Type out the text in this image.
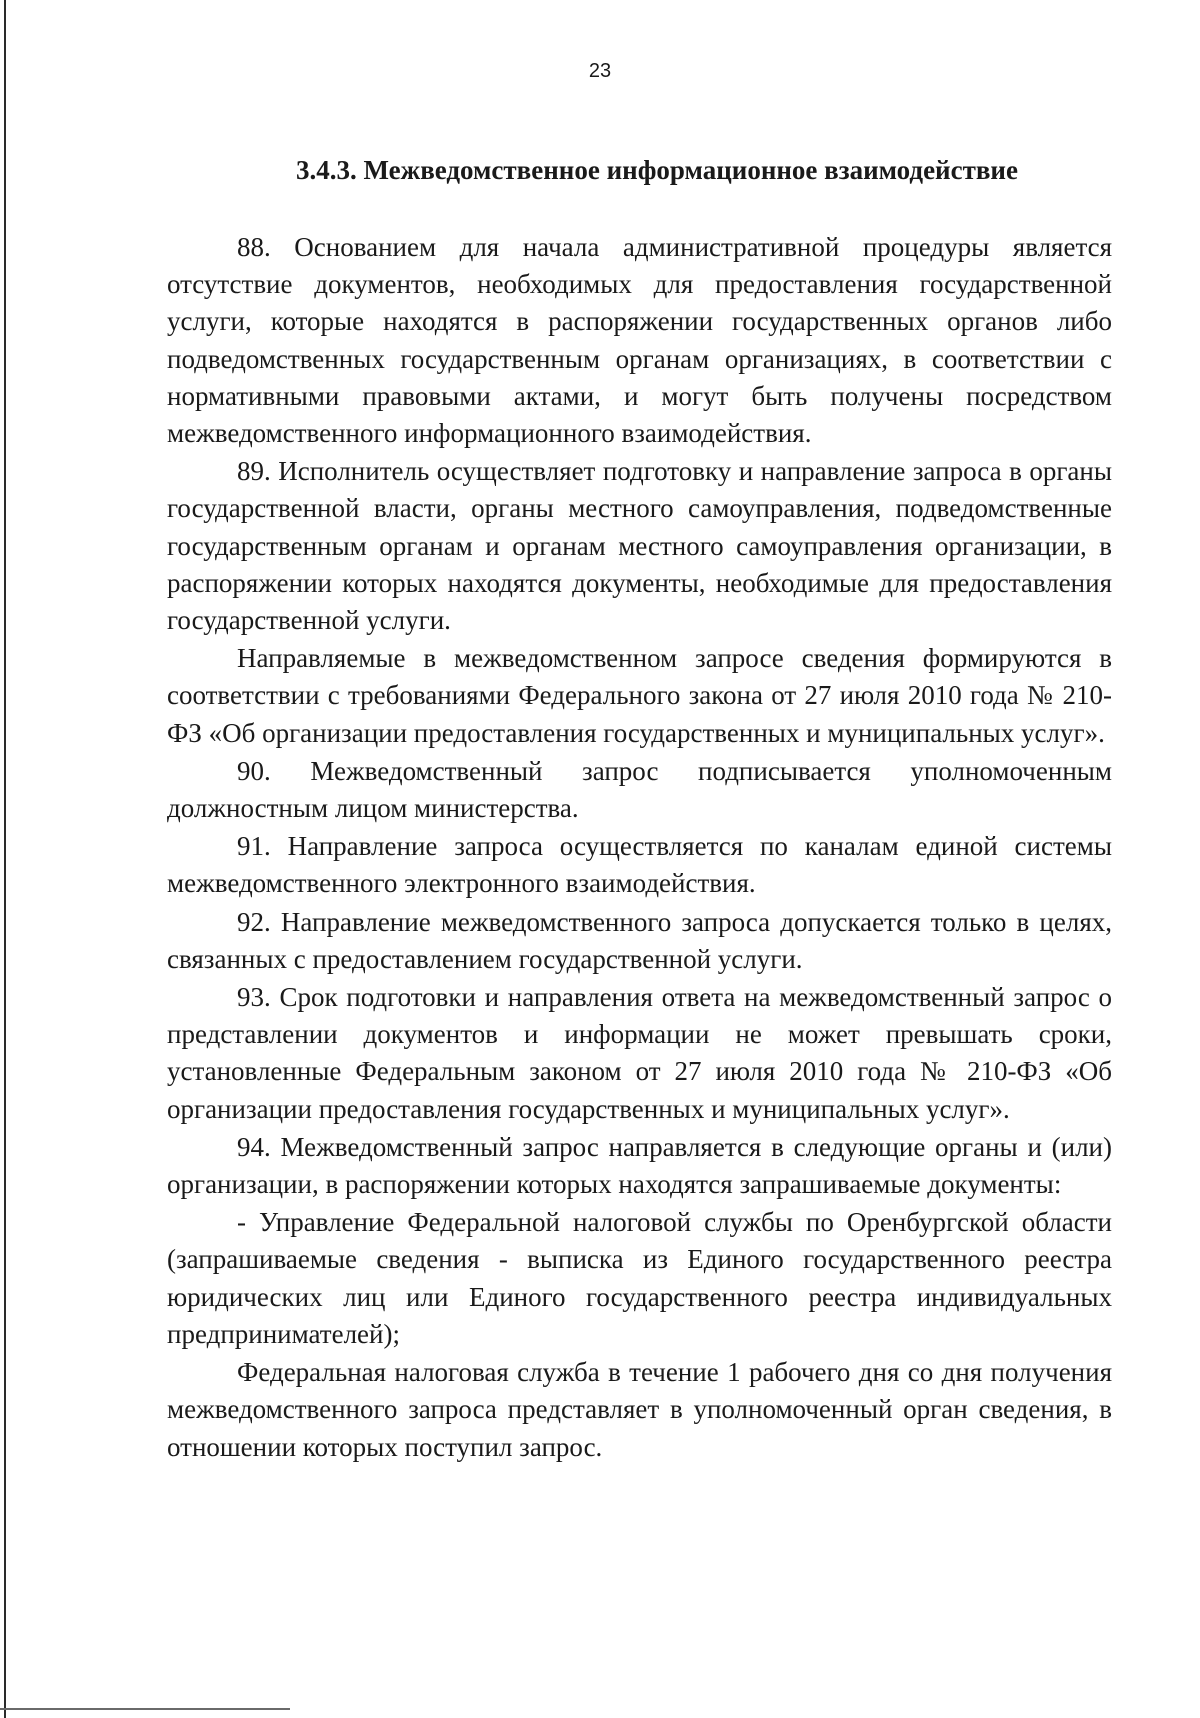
23
3.4.3. Межведомственное информационное взаимодействие

88. Основанием для начала административной процедуры является отсутствие документов, необходимых для предоставления государственной услуги, которые находятся в распоряжении государственных органов либо подведомственных государственным органам организациях, в соответствии с нормативными правовыми актами, и могут быть получены посредством межведомственного информационного взаимодействия.

89. Исполнитель осуществляет подготовку и направление запроса в органы государственной власти, органы местного самоуправления, подведомственные государственным органам и органам местного самоуправления организации, в распоряжении которых находятся документы, необходимые для предоставления государственной услуги.

Направляемые в межведомственном запросе сведения формируются в соответствии с требованиями Федерального закона от 27 июля 2010 года № 210-ФЗ «Об организации предоставления государственных и муниципальных услуг».

90. Межведомственный запрос подписывается уполномоченным должностным лицом министерства.

91. Направление запроса осуществляется по каналам единой системы межведомственного электронного взаимодействия.

92. Направление межведомственного запроса допускается только в целях, связанных с предоставлением государственной услуги.

93. Срок подготовки и направления ответа на межведомственный запрос о представлении документов и информации не может превышать сроки, установленные Федеральным законом от 27 июля 2010 года № 210-ФЗ «Об организации предоставления государственных и муниципальных услуг».

94. Межведомственный запрос направляется в следующие органы и (или) организации, в распоряжении которых находятся запрашиваемые документы:

- Управление Федеральной налоговой службы по Оренбургской области (запрашиваемые сведения - выписка из Единого государственного реестра юридических лиц или Единого государственного реестра индивидуальных предпринимателей);

Федеральная налоговая служба в течение 1 рабочего дня со дня получения межведомственного запроса представляет в уполномоченный орган сведения, в отношении которых поступил запрос.
